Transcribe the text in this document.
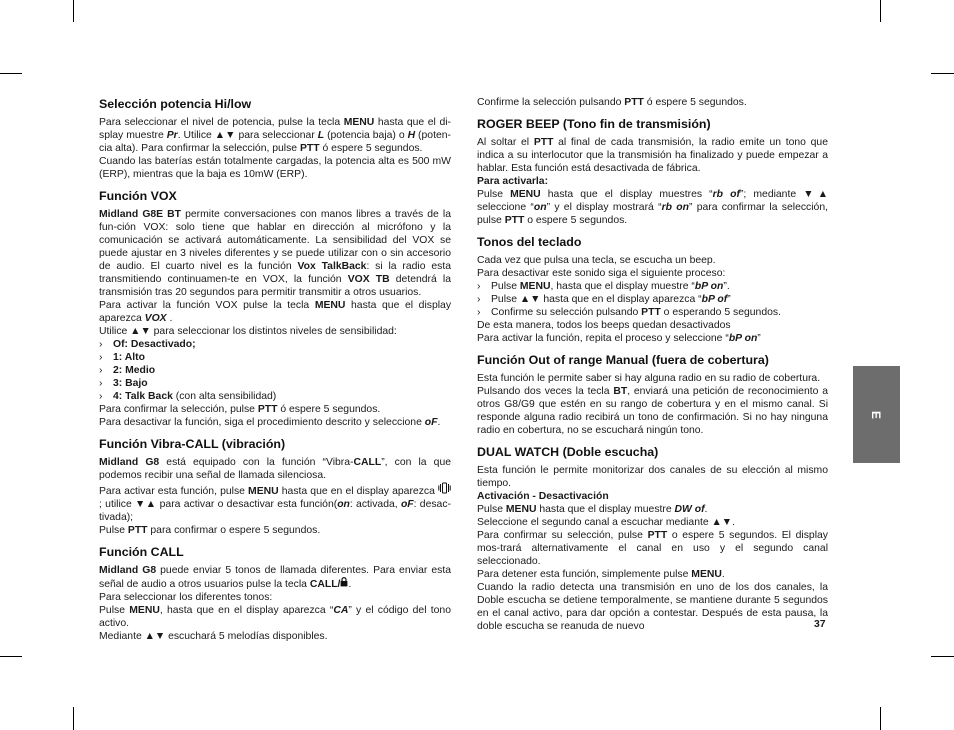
Selección potencia Hi/low

Para seleccionar el nivel de potencia, pulse la tecla MENU hasta que el di-splay muestre Pr. Utilice ▲▼ para seleccionar L (potencia baja) o H (poten-cia alta). Para confirmar la selección, pulse PTT ó espere 5 segundos.

Cuando las baterías están totalmente cargadas, la potencia alta es 500 mW (ERP), mientras que la baja es 10mW (ERP).

Función VOX

Midland G8E BT permite conversaciones con manos libres a través de la fun-ción VOX: solo tiene que hablar en dirección al micrófono y la comunicación se activará automáticamente. La sensibilidad del VOX se puede ajustar en 3 niveles diferentes y se puede utilizar con o sin accesorio de audio. El cuarto nivel es la función Vox TalkBack: si la radio esta transmitiendo continuamen-te en VOX, la función VOX TB detendrá la transmisión tras 20 segundos para permitir transmitir a otros usuarios.

Para activar la función VOX pulse la tecla MENU hasta que el display aparezca VOX .

Utilice ▲▼ para seleccionar los distintos niveles de sensibilidad:

› Of: Desactivado;

› 1: Alto

› 2: Medio

› 3: Bajo

› 4: Talk Back (con alta sensibilidad)

Para confirmar la selección, pulse PTT ó espere 5 segundos.

Para desactivar la función, siga el procedimiento descrito y seleccione oF.

Función Vibra-CALL (vibración)

Midland G8 está equipado con la función “Vibra-CALL”, con la que podemos recibir una señal de llamada silenciosa.

Para activar esta función, pulse MENU hasta que en el display aparezca  ; utilice ▼▲ para activar o desactivar esta función(on: activada, oF: desac-tivada);

Pulse PTT para confirmar o espere 5 segundos.

Función CALL

Midland G8 puede enviar 5 tonos de llamada diferentes. Para enviar esta señal de audio a otros usuarios pulse la tecla CALL/ .

Para seleccionar los diferentes tonos:

Pulse MENU, hasta que en el display aparezca “CA” y el código del tono activo.

Mediante ▲▼ escuchará 5 melodías disponibles.

Confirme la selección pulsando PTT ó espere 5 segundos.

ROGER BEEP (Tono fin de transmisión)

Al soltar el PTT al final de cada transmisión, la radio emite un tono que indica a su interlocutor que la transmisión ha finalizado y puede empezar a hablar. Esta función está desactivada de fábrica.

Para activarla:

Pulse MENU hasta que el display muestres “rb of”; mediante ▼▲ seleccione “on” y el display mostrará “rb on” para confirmar la selección, pulse PTT o espere 5 segundos.

Tonos del teclado

Cada vez que pulsa una tecla, se escucha un beep.

Para desactivar este sonido siga el siguiente proceso:

› Pulse MENU, hasta que el display muestre “bP on”.

› Pulse ▲▼ hasta que en el display aparezca “bP of”

› Confirme su selección pulsando PTT o esperando 5 segundos.

De esta manera, todos los beeps quedan desactivados

Para activar la función, repita el proceso y seleccione “bP on”

Función Out of range Manual (fuera de cobertura)

Esta función le permite saber si hay alguna radio en su radio de cobertura.

Pulsando dos veces la tecla BT, enviará una petición de reconocimiento a otros G8/G9 que estén en su rango de cobertura y en el mismo canal. Si responde alguna radio recibirá un tono de confirmación. Si no hay ninguna radio en cobertura, no se escuchará ningún tono.

DUAL WATCH (Doble escucha)

Esta función le permite monitorizar dos canales de su elección al mismo tiempo.

Activación - Desactivación

Pulse MENU hasta que el display muestre DW of.

Seleccione el segundo canal a escuchar mediante ▲▼.

Para confirmar su selección, pulse PTT o espere 5 segundos. El display mos-trará alternativamente el canal en uso y el segundo canal seleccionado.

Para detener esta función, simplemente pulse MENU.

Cuando la radio detecta una transmisión en uno de los dos canales, la Doble escucha se detiene temporalmente, se mantiene durante 5 segundos en el canal activo, para dar opción a contestar. Después de esta pausa, la doble escucha se reanuda de nuevo

E
37
